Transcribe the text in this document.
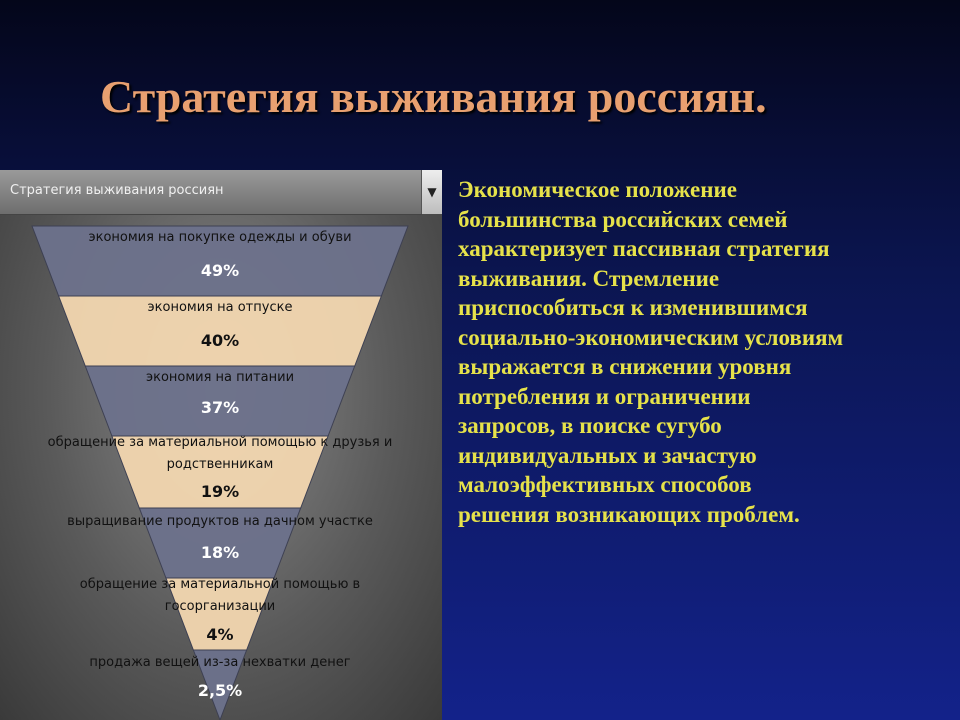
Стратегия выживания россиян.
Стратегия выживания россиян	▼
экономия на покупке одежды и обуви
49%
экономия на отпуске
40%
экономия на питании
37%
обращение за материальной помощью к друзья и родственникам
19%
выращивание продуктов на дачном участке
18%
обращение за материальной помощью в госорганизации
4%
продажа вещей из-за нехватки денег
2,5%

Экономическое положение
большинства российских семей
характеризует пассивная стратегия
выживания. Стремление
приспособиться к изменившимся
социально-экономическим условиям
выражается в снижении уровня
потребления и ограничении
запросов, в поиске сугубо
индивидуальных и зачастую
малоэффективных способов
решения возникающих проблем.
